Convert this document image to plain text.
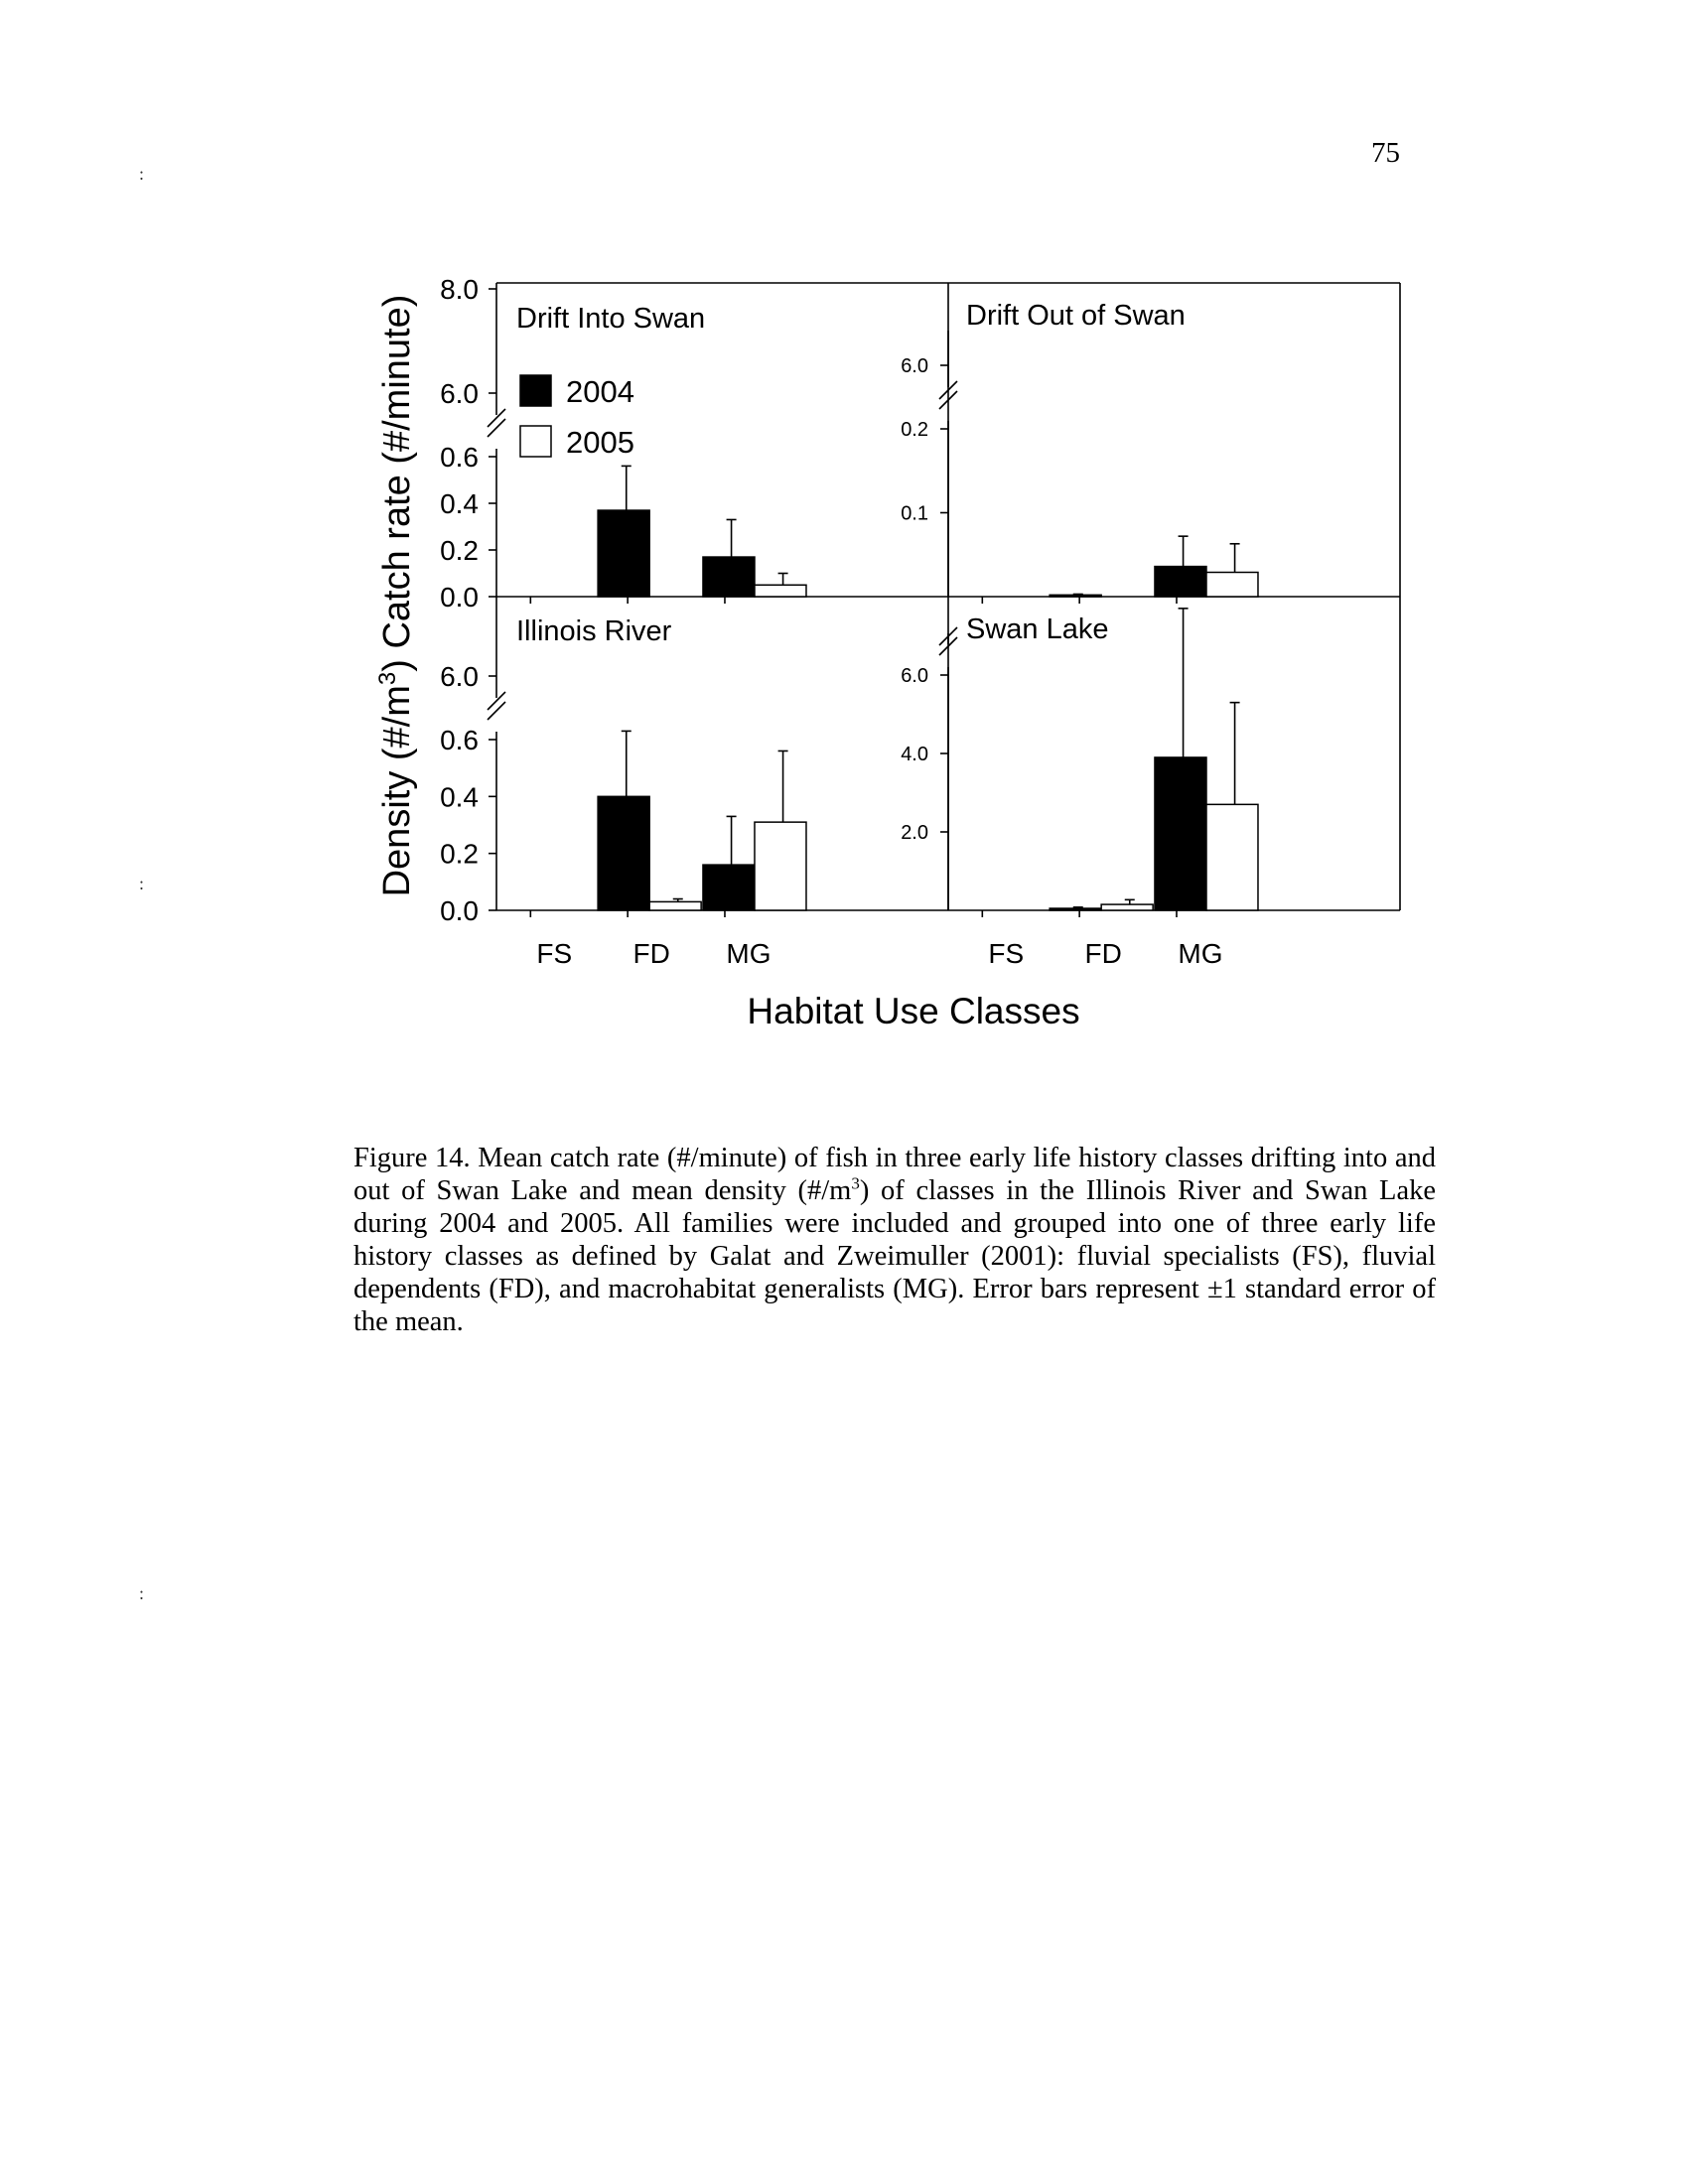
75
:
:
:
Drift Into Swan
0.0
0.2
0.4
0.6
6.0
8.0
Drift Out of Swan
0.1
0.2
6.0
Illinois River
0.0
0.2
0.4
0.6
6.0
FS FD MG
Swan Lake
2.0
4.0
6.0
FS FD MG
Density $(\#/m^3)$ Catch rate (#/minute)
Habitat Use Classes
2004
2005
Figure 14. Mean catch rate (#/minute) of fish in three early life history classes drifting into and out of Swan Lake and mean density $(\#/m^3)$ of classes in the Illinois River and Swan Lake during 2004 and 2005. All families were included and grouped into one of three early life history classes as defined by Galat and Zweimuller (2001): fluvial specialists (FS), fluvial dependents (FD), and macrohabitat generalists (MG). Error bars represent ±1 standard error of the mean.
